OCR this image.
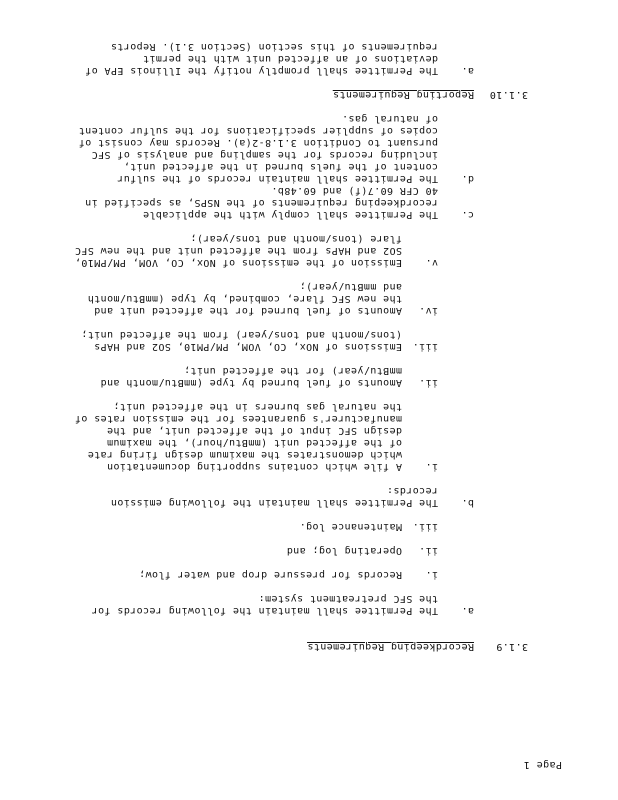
Page 1
3.1.9
Recordkeeping Requirements
a.
The Permittee shall maintain the following records for
the SFC pretreatment system:
i.
Records for pressure drop and water flow;
ii.
Operating log; and
iii.
Maintenance log.
b.
The Permittee shall maintain the following emission
records:
i.
A file which contains supporting documentation
which demonstrates the maximum design firing rate
of the affected unit (mmBtu/hour), the maximum
design SFC input of the affected unit, and the
manufacturer's guarantees for the emission rates of
the natural gas burners in the affected unit;
ii.
Amounts of fuel burned by type (mmBtu/month and
mmBtu/year) for the affected unit;
iii.
Emissions of NOx, CO, VOM, PM/PM10, SO2 and HAPs
(tons/month and tons/year) from the affected unit;
iv.
Amounts of fuel burned for the affected unit and
the new SFC flare, combined, by type (mmBtu/month
and mmBtu/year);
v.
Emission of the emissions of NOx, CO, VOM, PM/PM10,
SO2 and HAPs from the affected unit and the new SFC
flare (tons/month and tons/year);
c.
The Permittee shall comply with the applicable
recordkeeping requirements of the NSPS, as specified in
40 CFR 60.7(f) and 60.48b.
d.
The Permittee shall maintain records of the sulfur
content of the fuels burned in the affected unit,
including records for the sampling and analysis of SFC
pursuant to Condition 3.1.8-2(a). Records may consist of
copies of supplier specifications for the sulfur content
of natural gas.
3.1.10
Reporting Requirements
a.
The Permittee shall promptly notify the Illinois EPA of
deviations of an affected unit with the permit
requirements of this section (Section 3.1). Reports
